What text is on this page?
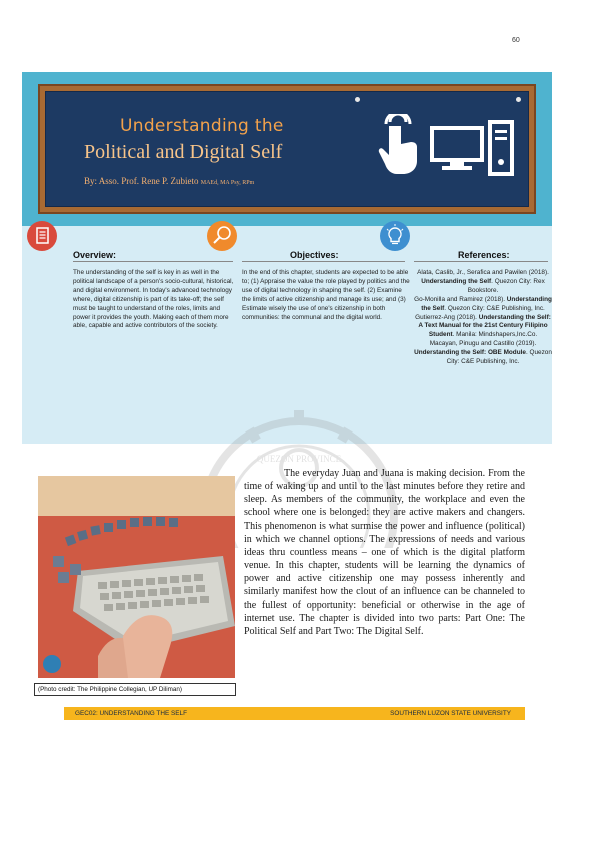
60
Understanding the
Political and Digital Self
By: Asso. Prof. Rene P. Zubieto MAEd, MA Psy, RPm
Overview:
The understanding of the self is key in as well in the political landscape of a person's socio-cultural, historical, and digital environment. In today's advanced technology where, digital citizenship is part of its take-off; the self must be taught to understand of the roles, limits and power it provides the youth. Making each of them more able, capable and active contributors of the society.
Objectives:
In the end of this chapter, students are expected to be able to; (1) Appraise the value the role played by politics and the use of digital technology in shaping the self. (2) Examine the limits of active citizenship and manage its use; and (3) Estimate wisely the use of one's citizenship in both communities: the communal and the digital world.
References:
Alata, Caslib, Jr., Serafica and Pawilen (2018). Understanding the Self. Quezon City: Rex Bookstore.
Go-Monilla and Ramirez (2018). Understanding the Self. Quezon City: C&E Publishing, Inc.
Gutierrez-Ang (2018). Understanding the Self: A Text Manual for the 21st Century Filipino Student. Manila: Mindshapers,Inc.Co.
Macayan, Pinugu and Castillo (2019). Understanding the Self: OBE Module. Quezon City: C&E Publishing, Inc.
QUEZON PROVINCE
(Photo credit: The Philippine Collegian, UP Diliman)
The everyday Juan and Juana is making decision. From the time of waking up and until to the last minutes before they retire and sleep. As members of the community, the workplace and even the school where one is belonged: they are active makers and changers. This phenomenon is what surmise the power and influence (political) in which we channel options. The expressions of needs and various ideas thru countless means – one of which is the digital platform venue. In this chapter, students will be learning the dynamics of power and active citizenship one may possess inherently and similarly manifest how the clout of an influence can be channeled to the fullest of opportunity: beneficial or otherwise in the age of internet use. The chapter is divided into two parts: Part One: The Political Self and Part Two: The Digital Self.
GEC02: UNDERSTANDING THE SELF	SOUTHERN LUZON STATE UNIVERSITY
